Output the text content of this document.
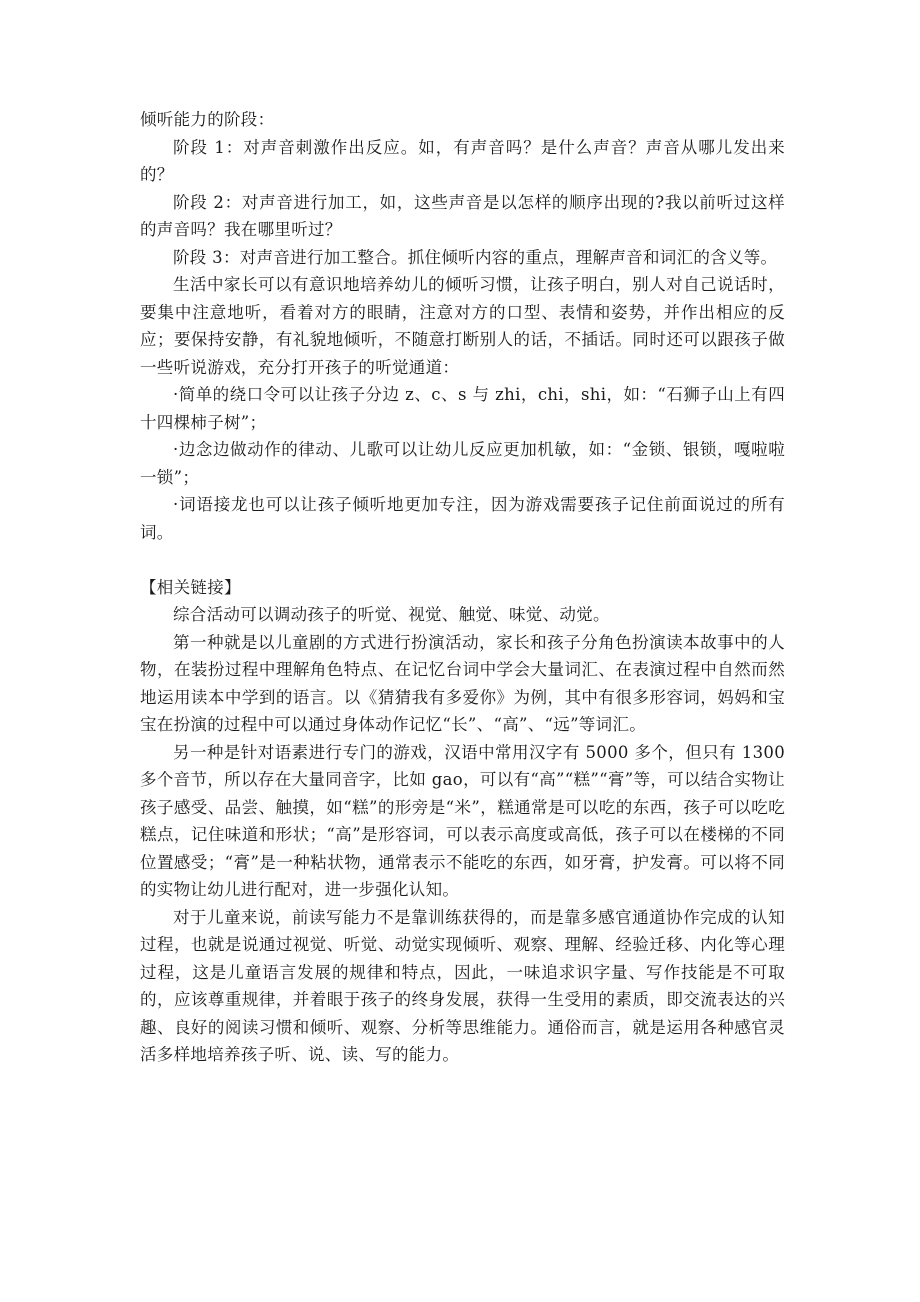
倾听能力的阶段：

阶段 1：对声音刺激作出反应。如，有声音吗？是什么声音？声音从哪儿发出来的？

阶段 2：对声音进行加工，如，这些声音是以怎样的顺序出现的?我以前听过这样的声音吗？我在哪里听过？

阶段 3：对声音进行加工整合。抓住倾听内容的重点，理解声音和词汇的含义等。

生活中家长可以有意识地培养幼儿的倾听习惯，让孩子明白，别人对自己说话时，要集中注意地听，看着对方的眼睛，注意对方的口型、表情和姿势，并作出相应的反应；要保持安静，有礼貌地倾听，不随意打断别人的话，不插话。同时还可以跟孩子做一些听说游戏，充分打开孩子的听觉通道：

·简单的绕口令可以让孩子分边 z、c、s 与 zhi，chi，shi，如：“石狮子山上有四十四棵柿子树”；

·边念边做动作的律动、儿歌可以让幼儿反应更加机敏，如：“金锁、银锁，嘎啦啦一锁”；

·词语接龙也可以让孩子倾听地更加专注，因为游戏需要孩子记住前面说过的所有词。

【相关链接】

综合活动可以调动孩子的听觉、视觉、触觉、味觉、动觉。

第一种就是以儿童剧的方式进行扮演活动，家长和孩子分角色扮演读本故事中的人物，在装扮过程中理解角色特点、在记忆台词中学会大量词汇、在表演过程中自然而然地运用读本中学到的语言。以《猜猜我有多爱你》为例，其中有很多形容词，妈妈和宝宝在扮演的过程中可以通过身体动作记忆“长”、“高”、“远”等词汇。

另一种是针对语素进行专门的游戏，汉语中常用汉字有 5000 多个，但只有 1300 多个音节，所以存在大量同音字，比如 gao，可以有“高”“糕”“膏”等，可以结合实物让孩子感受、品尝、触摸，如“糕”的形旁是“米”，糕通常是可以吃的东西，孩子可以吃吃糕点，记住味道和形状；“高”是形容词，可以表示高度或高低，孩子可以在楼梯的不同位置感受；“膏”是一种粘状物，通常表示不能吃的东西，如牙膏，护发膏。可以将不同的实物让幼儿进行配对，进一步强化认知。

对于儿童来说，前读写能力不是靠训练获得的，而是靠多感官通道协作完成的认知过程，也就是说通过视觉、听觉、动觉实现倾听、观察、理解、经验迁移、内化等心理过程，这是儿童语言发展的规律和特点，因此，一味追求识字量、写作技能是不可取的，应该尊重规律，并着眼于孩子的终身发展，获得一生受用的素质，即交流表达的兴趣、良好的阅读习惯和倾听、观察、分析等思维能力。通俗而言，就是运用各种感官灵活多样地培养孩子听、说、读、写的能力。
